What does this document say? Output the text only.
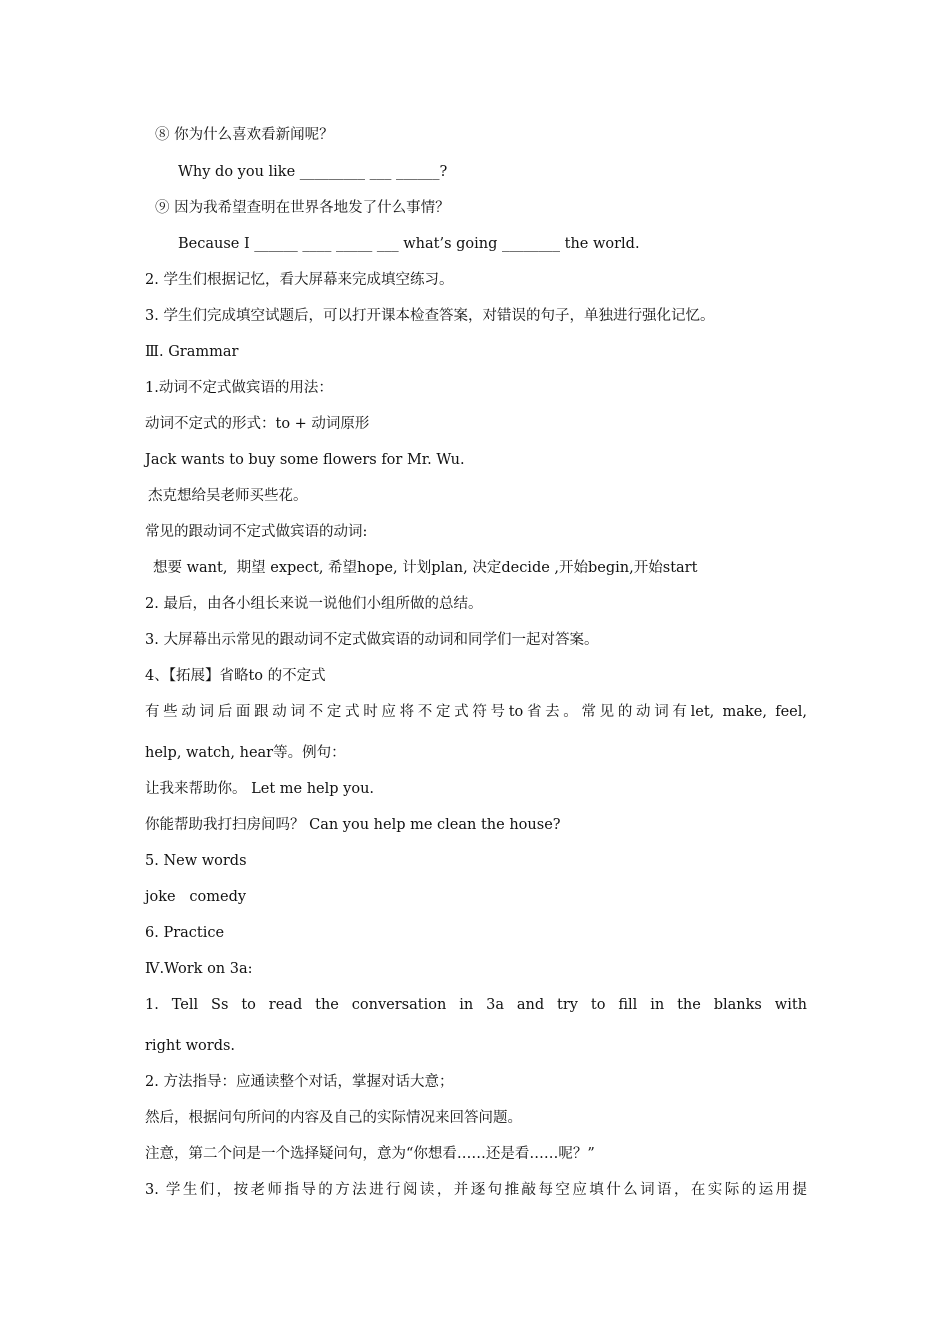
⑧ 你为什么喜欢看新闻呢？
Why do you like _________ ___ ______?
⑨ 因为我希望查明在世界各地发了什么事情？
Because I ______ ____ _____ ___ what’s going ________ the world.
2. 学生们根据记忆，看大屏幕来完成填空练习。
3. 学生们完成填空试题后，可以打开课本检查答案，对错误的句子，单独进行强化记忆。
Ⅲ. Grammar
1.动词不定式做宾语的用法：
动词不定式的形式：to + 动词原形
Jack wants to buy some flowers for Mr. Wu.
杰克想给吴老师买些花。
常见的跟动词不定式做宾语的动词:
想要 want,  期望 expect, 希望hope, 计划plan, 决定decide ,开始begin,开始start
2. 最后，由各小组长来说一说他们小组所做的总结。
3. 大屏幕出示常见的跟动词不定式做宾语的动词和同学们一起对答案。
4、【拓展】省略to 的不定式
有些动词后面跟动词不定式时应将不定式符号to省去。常见的动词有let, make, feel,
help, watch, hear等。例句：
让我来帮助你。 Let me help you.
你能帮助我打扫房间吗？ Can you help me clean the house?
5. New words
joke   comedy
6. Practice
Ⅳ.Work on 3a:
1. Tell Ss to read the conversation in 3a and try to fill in the blanks with
right words.
2. 方法指导：应通读整个对话，掌握对话大意；
然后，根据问句所问的内容及自己的实际情况来回答问题。
注意，第二个问是一个选择疑问句，意为“你想看……还是看……呢？”
3. 学生们，按老师指导的方法进行阅读，并逐句推敲每空应填什么词语，在实际的运用提
